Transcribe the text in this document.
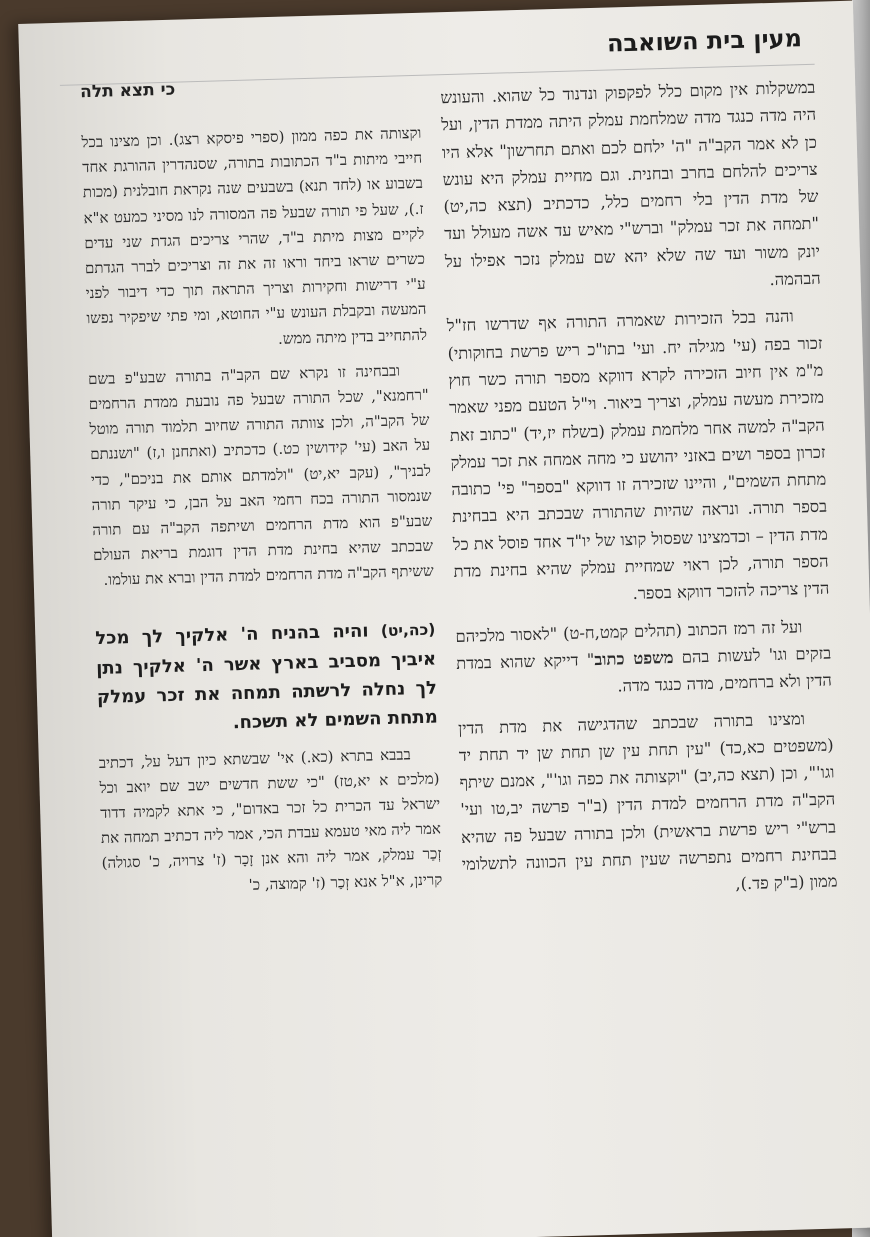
מעין בית השואבה
כי תצא תלה	במשקלות אין מקום כלל לפקפוק ונדנוד כל שהוא. והעונש היה מדה כנגד מדה שמלחמת עמלק היתה ממדת הדין, ועל כן לא אמר הקב"ה "ה' ילחם לכם ואתם תחרשון" אלא היו צריכים להלחם בחרב ובחנית. וגם מחיית עמלק היא עונש של מדת הדין בלי רחמים כלל, כדכתיב (תצא כה,יט) "תמחה את זכר עמלק" וברש"י מאיש עד אשה מעולל ועד יונק משור ועד שה שלא יהא שם עמלק נזכר אפילו על הבהמה.

והנה בכל הזכירות שאמרה התורה אף שדרשו חז"ל זכור בפה (עי' מגילה יח. ועי' בתו"כ ריש פרשת בחוקותי) מ"מ אין חיוב הזכירה לקרא דווקא מספר תורה כשר חוץ מזכירת מעשה עמלק, וצריך ביאור. וי"ל הטעם מפני שאמר הקב"ה למשה אחר מלחמת עמלק (בשלח יז,יד) "כתוב זאת זכרון בספר ושים באזני יהושע כי מחה אמחה את זכר עמלק מתחת השמים", והיינו שזכירה זו דווקא "בספר" פי' כתובה בספר תורה. ונראה שהיות שהתורה שבכתב היא בבחינת מדת הדין – וכדמצינו שפסול קוצו של יו"ד אחד פוסל את כל הספר תורה, לכן ראוי שמחיית עמלק שהיא בחינת מדת הדין צריכה להזכר דווקא בספר.

ועל זה רמז הכתוב (תהלים קמט,ח-ט) "לאסור מלכיהם בזקים וגו' לעשות בהם משפט כתוב" דייקא שהוא במדת הדין ולא ברחמים, מדה כנגד מדה.

ומצינו בתורה שבכתב שהדגישה את מדת הדין (משפטים כא,כד) "עין תחת עין שן תחת שן יד תחת יד וגו'", וכן (תצא כה,יב) "וקצותה את כפה וגו'", אמנם שיתף הקב"ה מדת הרחמים למדת הדין (ב"ר פרשה יב,טו ועי' ברש"י ריש פרשת בראשית) ולכן בתורה שבעל פה שהיא בבחינת רחמים נתפרשה שעין תחת עין הכוונה לתשלומי ממון (ב"ק פד.),

וקצותה את כפה ממון (ספרי פיסקא רצג). וכן מצינו בכל חייבי מיתות ב"ד הכתובות בתורה, שסנהדרין ההורגת אחד בשבוע או (לחד תנא) בשבעים שנה נקראת חובלנית (מכות ז.), שעל פי תורה שבעל פה המסורה לנו מסיני כמעט א"א לקיים מצות מיתת ב"ד, שהרי צריכים הגדת שני עדים כשרים שראו ביחד וראו זה את זה וצריכים לברר הגדתם ע"י דרישות וחקירות וצריך התראה תוך כדי דיבור לפני המעשה ובקבלת העונש ע"י החוטא, ומי פתי שיפקיר נפשו להתחייב בדין מיתה ממש.

ובבחינה זו נקרא שם הקב"ה בתורה שבע"פ בשם "רחמנא", שכל התורה שבעל פה נובעת ממדת הרחמים של הקב"ה, ולכן צוותה התורה שחיוב תלמוד תורה מוטל על האב (עי' קידושין כט.) כדכתיב (ואתחנן ו,ז) "ושננתם לבניך", (עקב יא,יט) "ולמדתם אותם את בניכם", כדי שנמסור התורה בכח רחמי האב על הבן, כי עיקר תורה שבע"פ הוא מדת הרחמים ושיתפה הקב"ה עם תורה שבכתב שהיא בחינת מדת הדין דוגמת בריאת העולם ששיתף הקב"ה מדת הרחמים למדת הדין וברא את עולמו.

(כה,יט) והיה בהניח ה' אלקיך לך מכל איביך מסביב בארץ אשר ה' אלקיך נתן לך נחלה לרשתה תמחה את זכר עמלק מתחת השמים לא תשכח.

בבבא בתרא (כא.) אי' שבשתא כיון דעל על, דכתיב (מלכים א יא,טז) "כי ששת חדשים ישב שם יואב וכל ישראל עד הכרית כל זכר באדום", כי אתא לקמיה דדוד אמר ליה מאי טעמא עבדת הכי, אמר ליה דכתיב תמחה את זְכַר עמלק, אמר ליה והא אנן זָכָר (ז' צרויה, כ' סגולה) קרינן, א"ל אנא זְכַר (ז' קמוצה, כ'
